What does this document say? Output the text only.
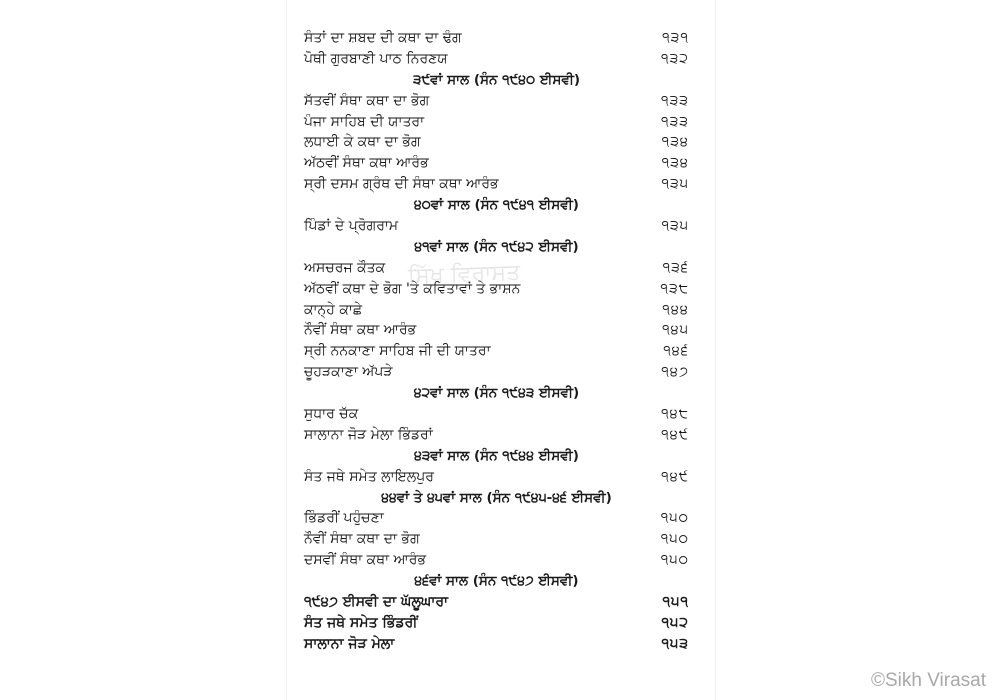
ਸੰਤਾਂ ਦਾ ਸ਼ਬਦ ਦੀ ਕਥਾ ਦਾ ਢੰਗ	੧੩੧
ਪੋਥੀ ਗੁਰਬਾਣੀ ਪਾਠ ਨਿਰਣਯ	੧੩੨
੩੯ਵਾਂ ਸਾਲ (ਸੰਨ ੧੯੪੦ ਈਸਵੀ)
ਸੱਤਵੀਂ ਸੰਥਾ ਕਥਾ ਦਾ ਭੋਗ	੧੩੩
ਪੰਜਾ ਸਾਹਿਬ ਦੀ ਯਾਤਰਾ	੧੩੩
ਲਧਾਈ ਕੇ ਕਥਾ ਦਾ ਭੋਗ	੧੩੪
ਅੱਠਵੀਂ ਸੰਥਾ ਕਥਾ ਆਰੰਭ	੧੩੪
ਸ੍ਰੀ ਦਸਮ ਗ੍ਰੰਥ ਦੀ ਸੰਥਾ ਕਥਾ ਆਰੰਭ	੧੩੫
੪੦ਵਾਂ ਸਾਲ (ਸੰਨ ੧੯੪੧ ਈਸਵੀ)
ਪਿੰਡਾਂ ਦੇ ਪ੍ਰੋਗਰਾਮ	੧੩੫
੪੧ਵਾਂ ਸਾਲ (ਸੰਨ ੧੯੪੨ ਈਸਵੀ)
ਅਸਚਰਜ ਕੌਤਕ	੧੩੬
ਅੱਠਵੀਂ ਕਥਾ ਦੇ ਭੋਗ 'ਤੇ ਕਵਿਤਾਵਾਂ ਤੇ ਭਾਸ਼ਨ	੧੩੮
ਕਾਨ੍ਹੇ ਕਾਛੇ	੧੪੪
ਨੌਵੀਂ ਸੰਥਾ ਕਥਾ ਆਰੰਭ	੧੪੫
ਸ੍ਰੀ ਨਨਕਾਣਾ ਸਾਹਿਬ ਜੀ ਦੀ ਯਾਤਰਾ	੧੪੬
ਚੂਹੜਕਾਣਾ ਅੱਪੜੇ	੧੪੭
੪੨ਵਾਂ ਸਾਲ (ਸੰਨ ੧੯੪੩ ਈਸਵੀ)
ਸੁਧਾਰ ਚੱਕ	੧੪੮
ਸਾਲਾਨਾ ਜੋੜ ਮੇਲਾ ਭਿੰਡਰਾਂ	੧੪੯
੪੩ਵਾਂ ਸਾਲ (ਸੰਨ ੧੯੪੪ ਈਸਵੀ)
ਸੰਤ ਜਥੇ ਸਮੇਤ ਲਾਇਲਪੁਰ	੧੪੯
੪੪ਵਾਂ ਤੇ ੪੫ਵਾਂ ਸਾਲ (ਸੰਨ ੧੯੪੫-੪੬ ਈਸਵੀ)
ਭਿੰਡਰੀਂ ਪਹੁੰਚਣਾ	੧੫੦
ਨੌਵੀਂ ਸੰਥਾ ਕਥਾ ਦਾ ਭੋਗ	੧੫੦
ਦਸਵੀਂ ਸੰਥਾ ਕਥਾ ਆਰੰਭ	੧੫੦
੪੬ਵਾਂ ਸਾਲ (ਸੰਨ ੧੯੪੭ ਈਸਵੀ)
੧੯੪੭ ਈਸਵੀ ਦਾ ਘੱਲੂਘਾਰਾ	੧੫੧
ਸੰਤ ਜਥੇ ਸਮੇਤ ਭਿੰਡਰੀਂ	੧੫੨
ਸਾਲਾਨਾ ਜੋੜ ਮੇਲਾ	੧੫੩
ਸਿੱਖ ਵਿਰਾਸਤ
©Sikh Virasat
